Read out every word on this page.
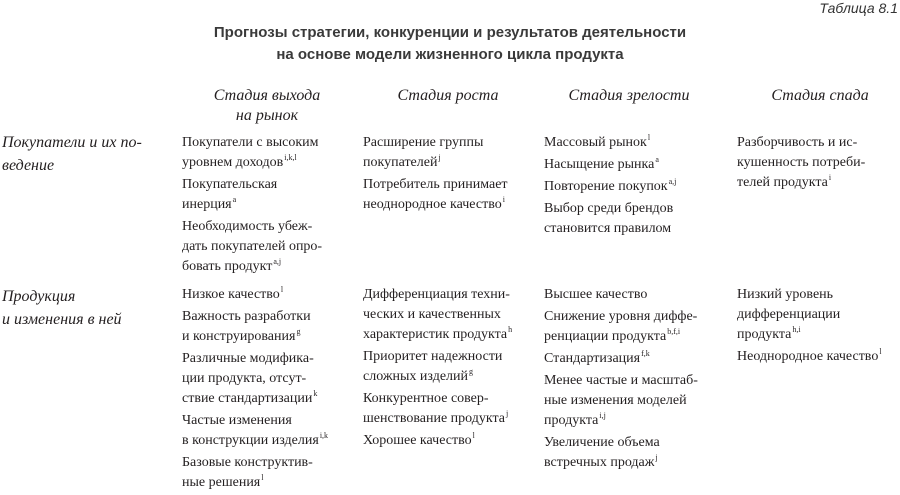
Таблица 8.1
Прогнозы стратегии, конкуренции и результатов деятельности
на основе модели жизненного цикла продукта
Стадия выхода
на рынок
Стадия роста	Стадия зрелости	Стадия спада
Покупатели и их по-
ведение
Продукция
и изменения в ней
Покупатели с высоким
уровнем доходов$^{i,k,l}$
Покупательская
инерция$^a$
Необходимость убеж-
дать покупателей опро-
бовать продукт$^{a,j}$
Расширение группы
покупателей$^j$
Потребитель принимает
неоднородное качество$^i$
Массовый рынок$^l$
Насыщение рынка$^a$
Повторение покупок$^{a,j}$
Выбор среди брендов
становится правилом
Разборчивость и ис-
кушенность потреби-
телей продукта$^i$
Низкое качество$^l$
Важность разработки
и конструирования$^g$
Различные модифика-
ции продукта, отсут-
ствие стандартизации$^k$
Частые изменения
в конструкции изделия$^{i,k}$
Базовые конструктив-
ные решения$^l$
Дифференциация техни-
ческих и качественных
характеристик продукта$^h$
Приоритет надежности
сложных изделий$^g$
Конкурентное совер-
шенствование продукта$^j$
Хорошее качество$^l$
Высшее качество
Снижение уровня диффе-
ренциации продукта$^{b,f,i}$
Стандартизация$^{f,k}$
Менее частые и масштаб-
ные изменения моделей
продукта$^{i,j}$
Увеличение объема
встречных продаж$^j$
Низкий уровень
дифференциации
продукта$^{h,i}$
Неоднородное качество$^l$
